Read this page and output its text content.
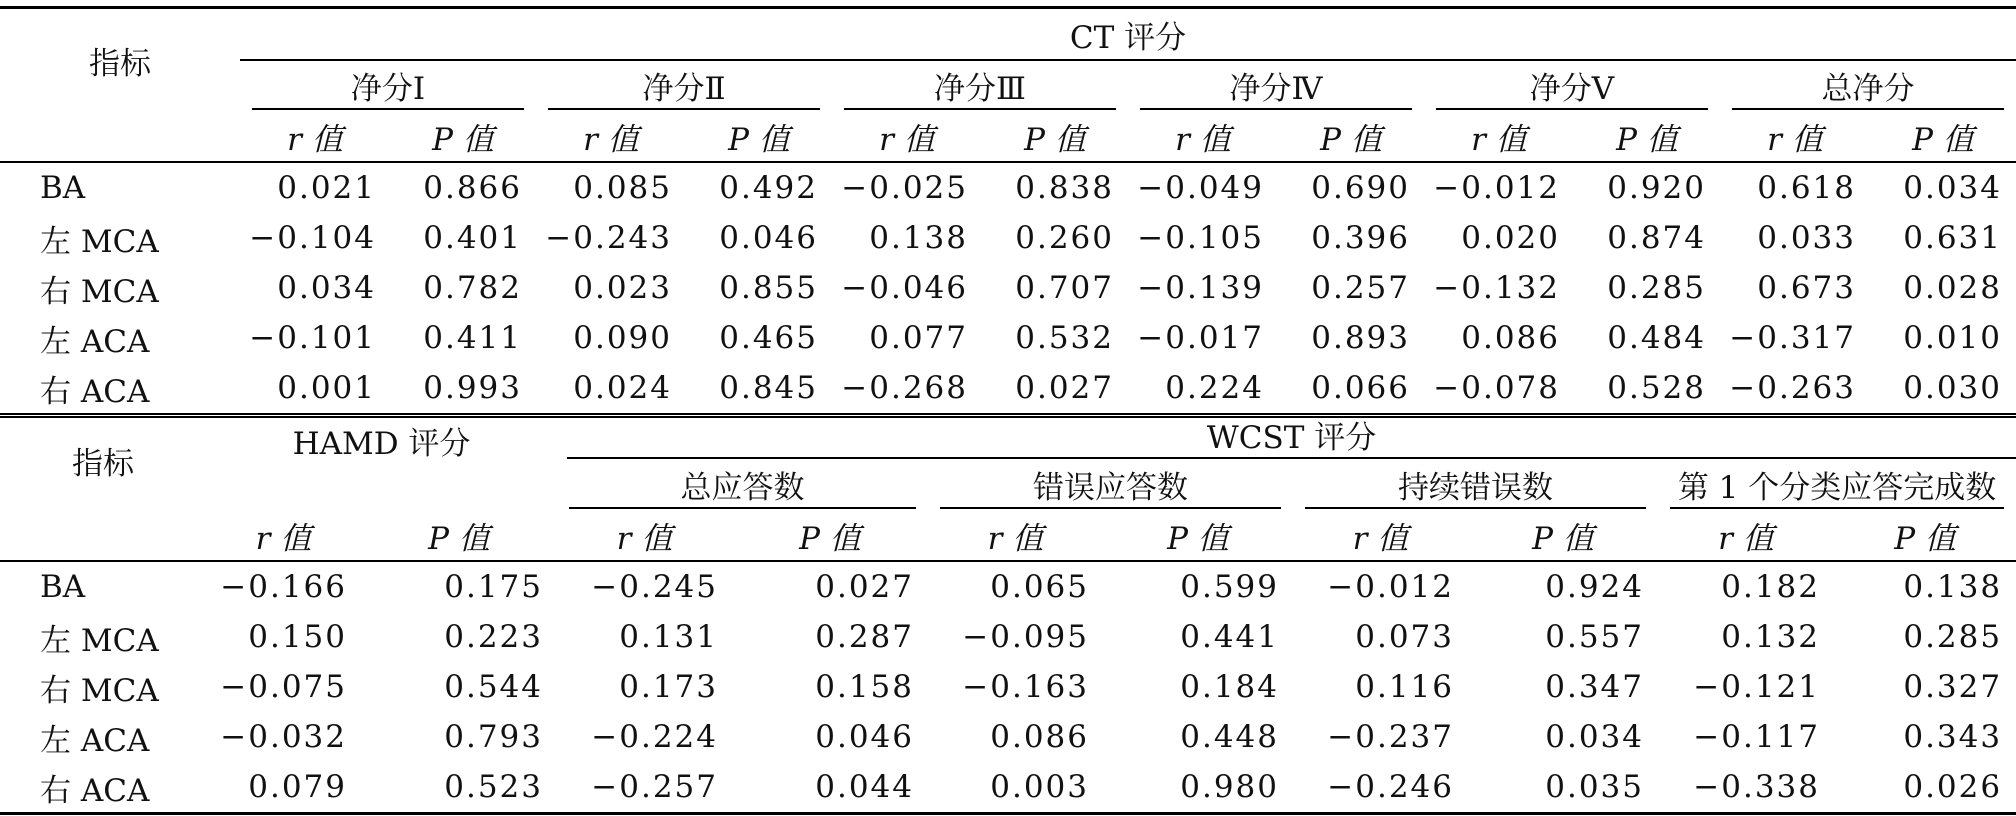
指标	CT 评分											

	净分Ⅰ		净分Ⅱ		净分Ⅲ		净分Ⅳ		净分Ⅴ		总净分	

	r 值	P 值	r 值	P 值	r 值	P 值	r 值	P 值	r 值	P 值	r 值	P 值
BA	0.021	0.866	0.085	0.492	−0.025	0.838	−0.049	0.690	−0.012	0.920	0.618	0.034
左 MCA	−0.104	0.401	−0.243	0.046	0.138	0.260	−0.105	0.396	0.020	0.874	0.033	0.631
右 MCA	0.034	0.782	0.023	0.855	−0.046	0.707	−0.139	0.257	−0.132	0.285	0.673	0.028
左 ACA	−0.101	0.411	0.090	0.465	0.077	0.532	−0.017	0.893	0.086	0.484	−0.317	0.010
右 ACA	0.001	0.993	0.024	0.845	−0.268	0.027	0.224	0.066	−0.078	0.528	−0.263	0.030
指标	HAMD 评分		WCST 评分							

			总应答数		错误应答数		持续错误数		第 1 个分类应答完成数	

	r 值	P 值	r 值	P 值	r 值	P 值	r 值	P 值	r 值	P 值
BA	−0.166	0.175	−0.245	0.027	0.065	0.599	−0.012	0.924	0.182	0.138
左 MCA	0.150	0.223	0.131	0.287	−0.095	0.441	0.073	0.557	0.132	0.285
右 MCA	−0.075	0.544	0.173	0.158	−0.163	0.184	0.116	0.347	−0.121	0.327
左 ACA	−0.032	0.793	−0.224	0.046	0.086	0.448	−0.237	0.034	−0.117	0.343
右 ACA	0.079	0.523	−0.257	0.044	0.003	0.980	−0.246	0.035	−0.338	0.026
